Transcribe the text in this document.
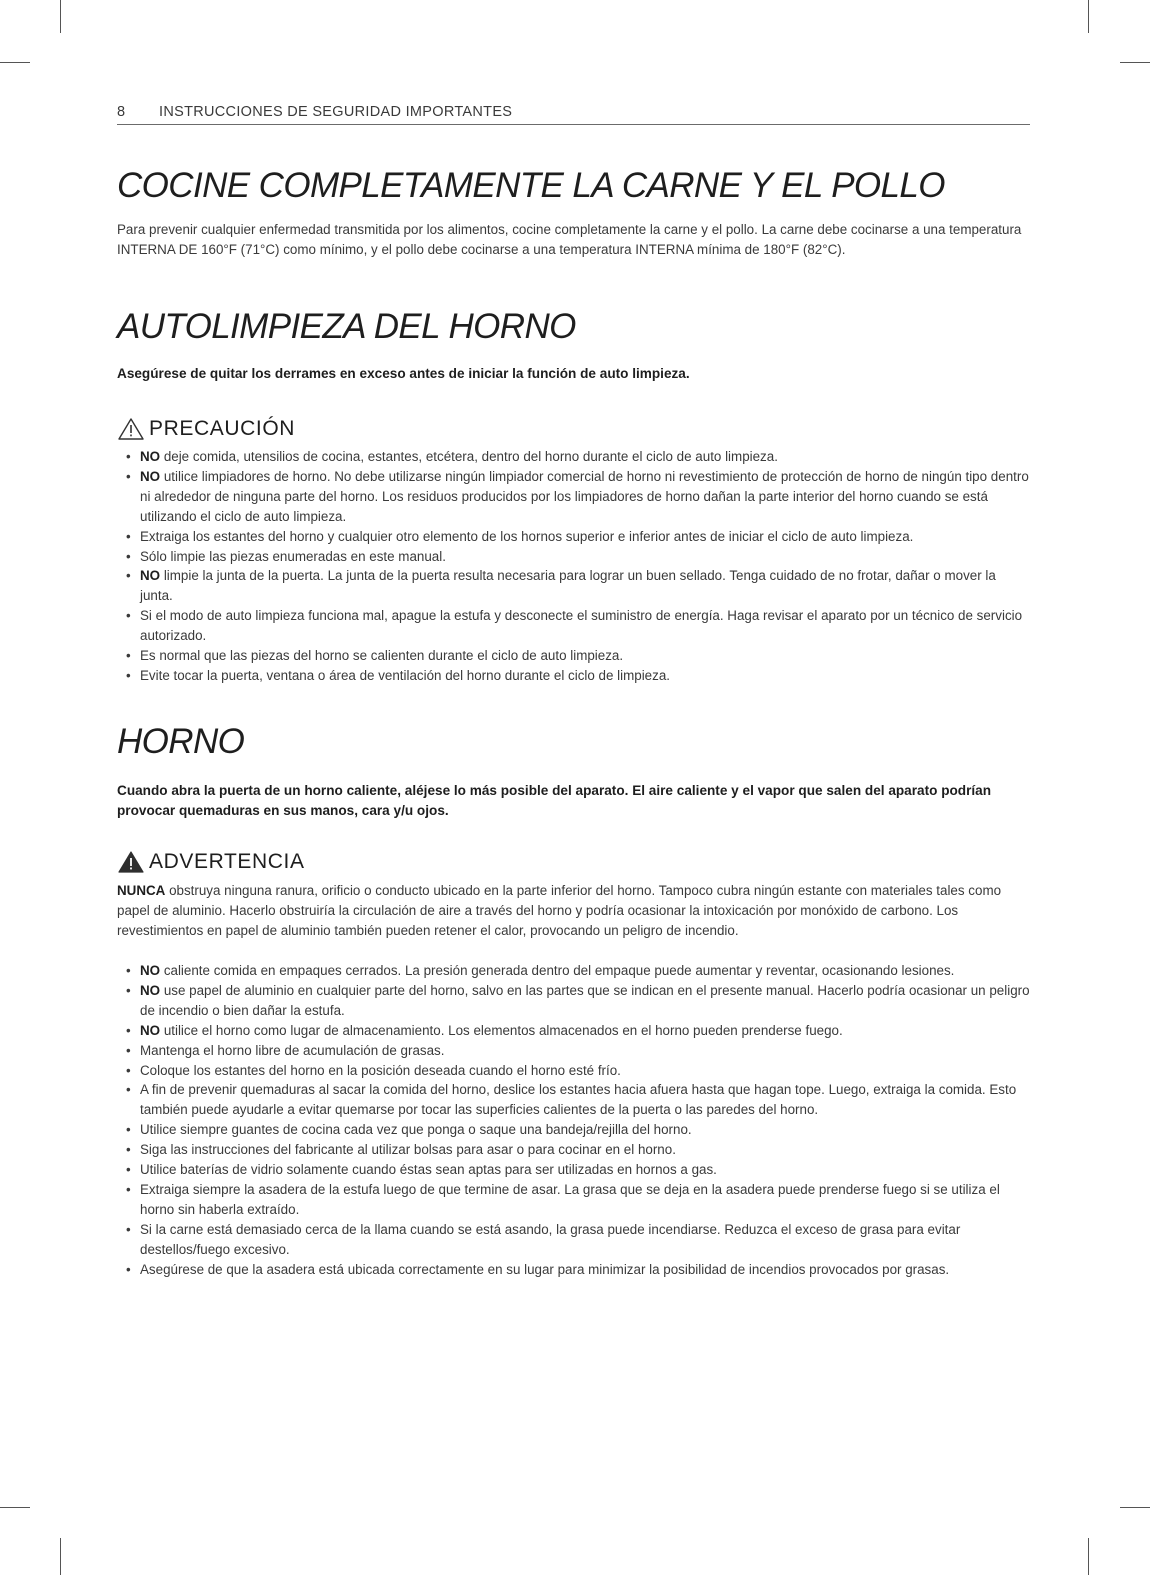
8 INSTRUCCIONES DE SEGURIDAD IMPORTANTES
COCINE COMPLETAMENTE LA CARNE Y EL POLLO

Para prevenir cualquier enfermedad transmitida por los alimentos, cocine completamente la carne y el pollo. La carne debe cocinarse a una temperatura INTERNA DE 160°F (71°C) como mínimo, y el pollo debe cocinarse a una temperatura INTERNA mínima de 180°F (82°C).

AUTOLIMPIEZA DEL HORNO

Asegúrese de quitar los derrames en exceso antes de iniciar la función de auto limpieza.

PRECAUCIÓN
• NO deje comida, utensilios de cocina, estantes, etcétera, dentro del horno durante el ciclo de auto limpieza.
• NO utilice limpiadores de horno. No debe utilizarse ningún limpiador comercial de horno ni revestimiento de protección de horno de ningún tipo dentro ni alrededor de ninguna parte del horno. Los residuos producidos por los limpiadores de horno dañan la parte interior del horno cuando se está utilizando el ciclo de auto limpieza.
• Extraiga los estantes del horno y cualquier otro elemento de los hornos superior e inferior antes de iniciar el ciclo de auto limpieza.
• Sólo limpie las piezas enumeradas en este manual.
• NO limpie la junta de la puerta. La junta de la puerta resulta necesaria para lograr un buen sellado. Tenga cuidado de no frotar, dañar o mover la junta.
• Si el modo de auto limpieza funciona mal, apague la estufa y desconecte el suministro de energía. Haga revisar el aparato por un técnico de servicio autorizado.
• Es normal que las piezas del horno se calienten durante el ciclo de auto limpieza.
• Evite tocar la puerta, ventana o área de ventilación del horno durante el ciclo de limpieza.
HORNO

Cuando abra la puerta de un horno caliente, aléjese lo más posible del aparato. El aire caliente y el vapor que salen del aparato podrían provocar quemaduras en sus manos, cara y/u ojos.

ADVERTENCIA

NUNCA obstruya ninguna ranura, orificio o conducto ubicado en la parte inferior del horno. Tampoco cubra ningún estante con materiales tales como papel de aluminio. Hacerlo obstruiría la circulación de aire a través del horno y podría ocasionar la intoxicación por monóxido de carbono. Los revestimientos en papel de aluminio también pueden retener el calor, provocando un peligro de incendio.

• NO caliente comida en empaques cerrados. La presión generada dentro del empaque puede aumentar y reventar, ocasionando lesiones.
• NO use papel de aluminio en cualquier parte del horno, salvo en las partes que se indican en el presente manual. Hacerlo podría ocasionar un peligro de incendio o bien dañar la estufa.
• NO utilice el horno como lugar de almacenamiento. Los elementos almacenados en el horno pueden prenderse fuego.
• Mantenga el horno libre de acumulación de grasas.
• Coloque los estantes del horno en la posición deseada cuando el horno esté frío.
• A fin de prevenir quemaduras al sacar la comida del horno, deslice los estantes hacia afuera hasta que hagan tope. Luego, extraiga la comida. Esto también puede ayudarle a evitar quemarse por tocar las superficies calientes de la puerta o las paredes del horno.
• Utilice siempre guantes de cocina cada vez que ponga o saque una bandeja/rejilla del horno.
• Siga las instrucciones del fabricante al utilizar bolsas para asar o para cocinar en el horno.
• Utilice baterías de vidrio solamente cuando éstas sean aptas para ser utilizadas en hornos a gas.
• Extraiga siempre la asadera de la estufa luego de que termine de asar. La grasa que se deja en la asadera puede prenderse fuego si se utiliza el horno sin haberla extraído.
• Si la carne está demasiado cerca de la llama cuando se está asando, la grasa puede incendiarse. Reduzca el exceso de grasa para evitar destellos/fuego excesivo.
• Asegúrese de que la asadera está ubicada correctamente en su lugar para minimizar la posibilidad de incendios provocados por grasas.
